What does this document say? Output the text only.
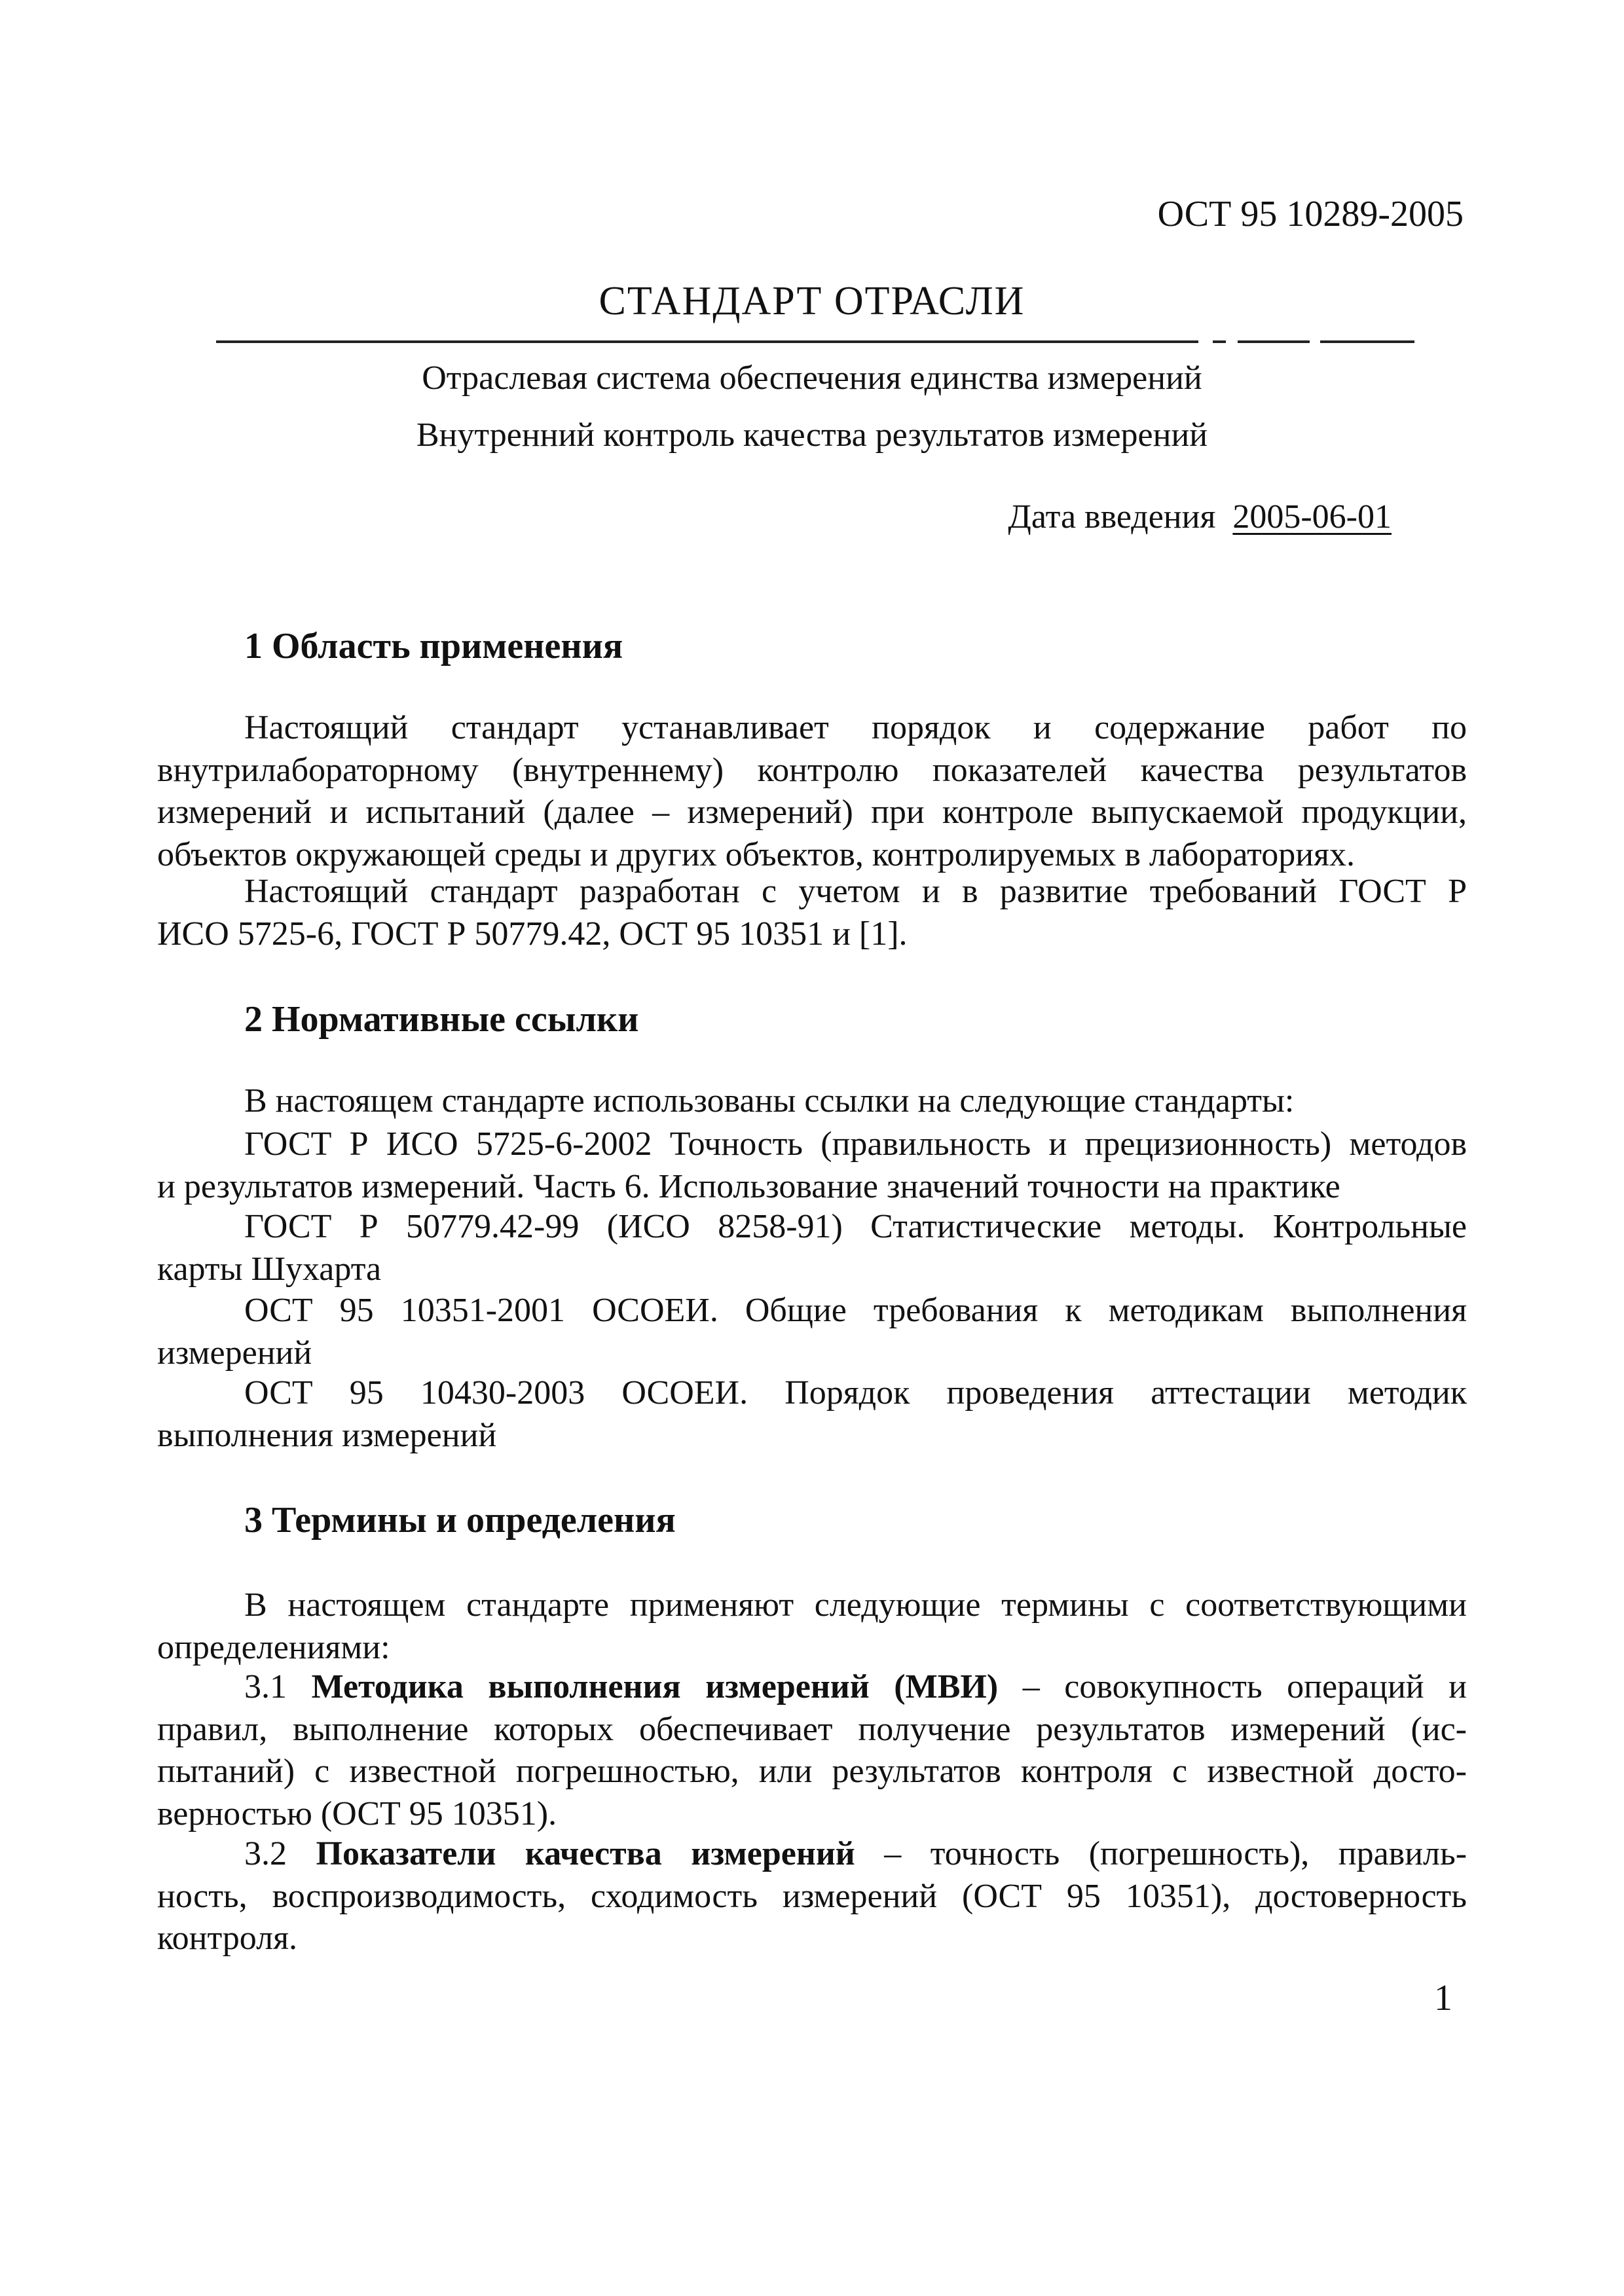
ОСТ 95 10289-2005
СТАНДАРТ ОТРАСЛИ
Отраслевая система обеспечения единства измерений
Внутренний контроль качества результатов измерений
Дата введения 2005-06-01
1 Область применения
Настоящий стандарт устанавливает порядок и содержание работ по
внутрилабораторному (внутреннему) контролю показателей качества результатов
измерений и испытаний (далее – измерений) при контроле выпускаемой продукции,
объектов окружающей среды и других объектов, контролируемых в лабораториях.
Настоящий стандарт разработан с учетом и в развитие требований ГОСТ Р
ИСО 5725-6, ГОСТ Р 50779.42, ОСТ 95 10351 и [1].
2 Нормативные ссылки
В настоящем стандарте использованы ссылки на следующие стандарты:
ГОСТ Р ИСО 5725-6-2002 Точность (правильность и прецизионность) методов
и результатов измерений. Часть 6. Использование значений точности на практике
ГОСТ Р 50779.42-99 (ИСО 8258-91) Статистические методы. Контрольные
карты Шухарта
ОСТ 95 10351-2001 ОСОЕИ. Общие требования к методикам выполнения
измерений
ОСТ 95 10430-2003 ОСОЕИ. Порядок проведения аттестации методик
выполнения измерений
3 Термины и определения
В настоящем стандарте применяют следующие термины с соответствующими
определениями:
3.1 Методика выполнения измерений (МВИ) – совокупность операций и
правил, выполнение которых обеспечивает получение результатов измерений (ис-
пытаний) с известной погрешностью, или результатов контроля с известной досто-
верностью (ОСТ 95 10351).
3.2 Показатели качества измерений – точность (погрешность), правиль-
ность, воспроизводимость, сходимость измерений (ОСТ 95 10351), достоверность
контроля.
1
